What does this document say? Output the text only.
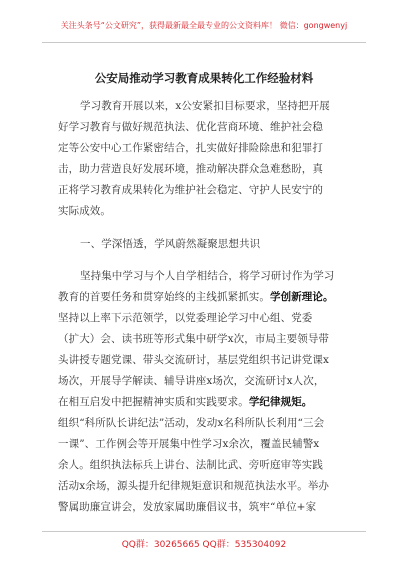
关注头条号“公文研究”，获得最新最全最专业的公文资料库！ 微信：gongwenyj
公安局推动学习教育成果转化工作经验材料
学习教育开展以来，x公安紧扣目标要求，坚持把开展
好学习教育与做好规范执法、优化营商环境、维护社会稳
定等公安中心工作紧密结合，扎实做好排险除患和犯罪打
击，助力营造良好发展环境，推动解决群众急难愁盼，真
正将学习教育成果转化为维护社会稳定、守护人民安宁的
实际成效。
一、学深悟透，学风蔚然凝聚思想共识
坚持集中学习与个人自学相结合，将学习研讨作为学习
教育的首要任务和贯穿始终的主线抓紧抓实。学创新理论。
坚持以上率下示范领学，以党委理论学习中心组、党委
（扩大）会、读书班等形式集中研学x次，市局主要领导带
头讲授专题党课、带头交流研讨，基层党组织书记讲党课x
场次，开展导学解读、辅导讲座x场次，交流研讨x人次，
在相互启发中把握精神实质和实践要求。学纪律规矩。
组织“科所队长讲纪法”活动，发动x名科所队长利用“三会
一课”、工作例会等开展集中性学习x余次，覆盖民辅警x
余人。组织执法标兵上讲台、法制比武、旁听庭审等实践
活动x余场，源头提升纪律规矩意识和规范执法水平。举办
警属助廉宣讲会，发放家属助廉倡议书，筑牢“单位+家
QQ群：30265665 QQ群：535304092
